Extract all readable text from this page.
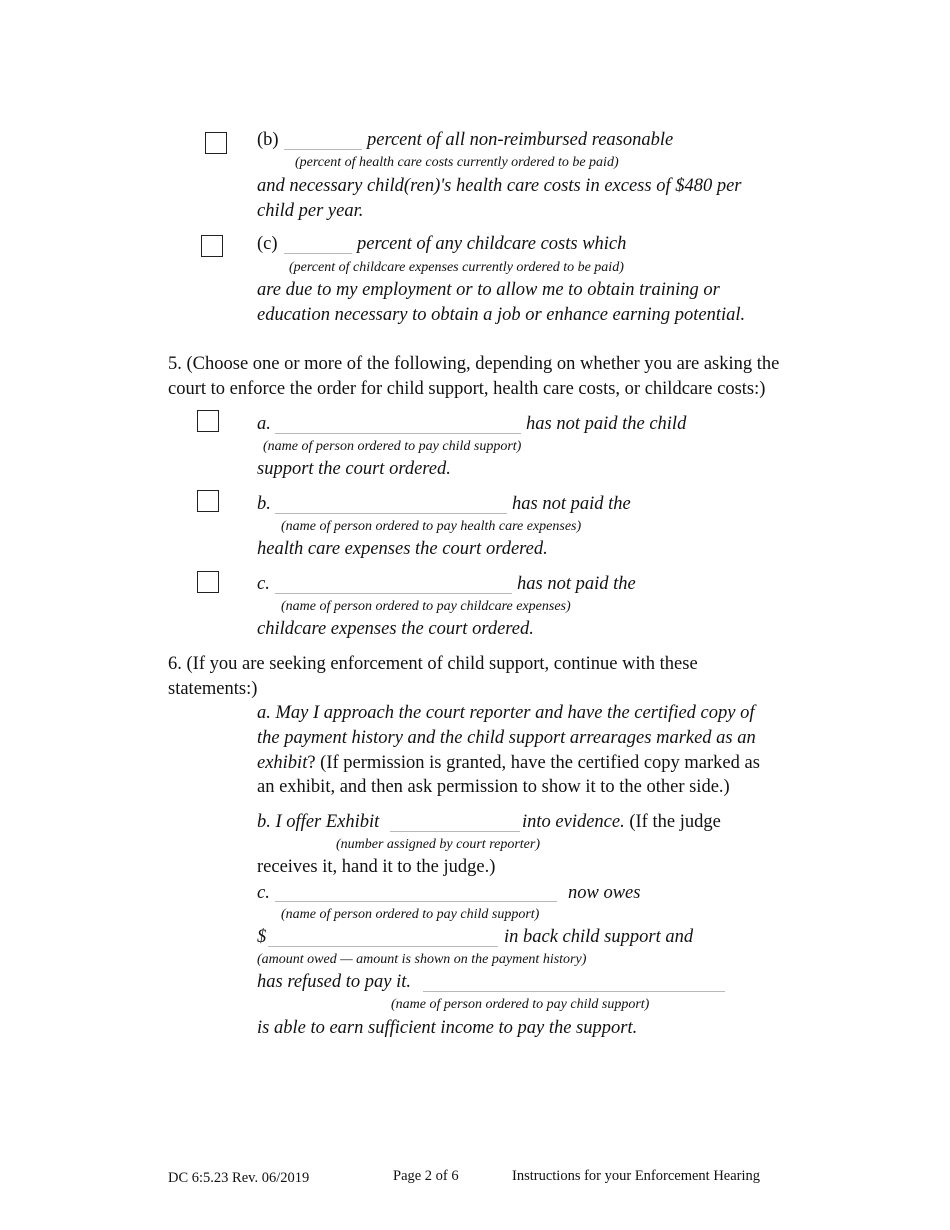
(b)	percent of all non-reimbursed reasonable
(percent of health care costs currently ordered to be paid)
and necessary child(ren)'s health care costs in excess of $480 per
child per year.
(c)	percent of any childcare costs which
(percent of childcare expenses currently ordered to be paid)
are due to my employment or to allow me to obtain training or
education necessary to obtain a job or enhance earning potential.
5. (Choose one or more of the following, depending on whether you are asking the
court to enforce the order for child support, health care costs, or childcare costs:)
a.	has not paid the child
(name of person ordered to pay child support)
support the court ordered.
b.	has not paid the
(name of person ordered to pay health care expenses)
health care expenses the court ordered.
c.	has not paid the
(name of person ordered to pay childcare expenses)
childcare expenses the court ordered.
6. (If you are seeking enforcement of child support, continue with these
statements:)
a. May I approach the court reporter and have the certified copy of
the payment history and the child support arrearages marked as an
exhibit? (If permission is granted, have the certified copy marked as
an exhibit, and then ask permission to show it to the other side.)
b. I offer Exhibit	into evidence. (If the judge
(number assigned by court reporter)
receives it, hand it to the judge.)
c.	now owes
(name of person ordered to pay child support)
$	in back child support and
(amount owed — amount is shown on the payment history)
has refused to pay it.
(name of person ordered to pay child support)
is able to earn sufficient income to pay the support.
DC 6:5.23 Rev. 06/2019	Page 2 of 6	Instructions for your Enforcement Hearing
